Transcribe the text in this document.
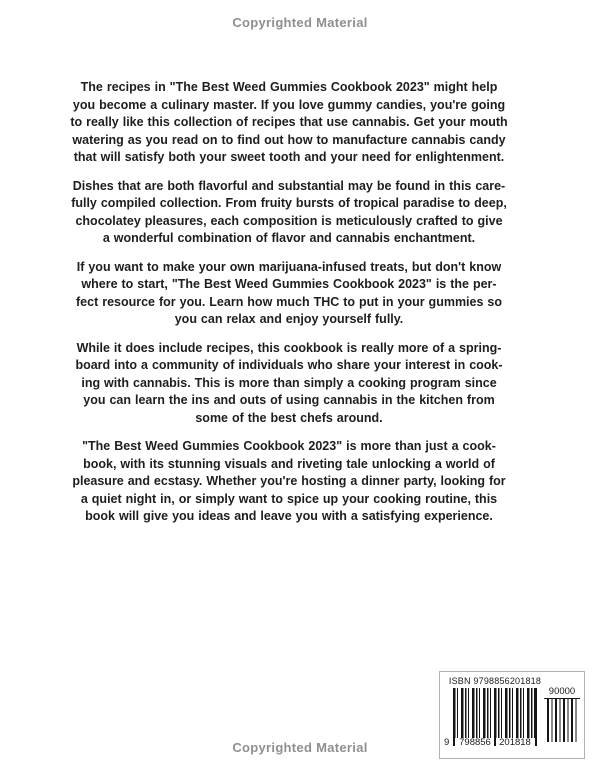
Copyrighted Material
The recipes in "The Best Weed Gummies Cookbook 2023" might help
you become a culinary master. If you love gummy candies, you're going
to really like this collection of recipes that use cannabis. Get your mouth
watering as you read on to find out how to manufacture cannabis candy
that will satisfy both your sweet tooth and your need for enlightenment.
Dishes that are both flavorful and substantial may be found in this care-
fully compiled collection. From fruity bursts of tropical paradise to deep,
chocolatey pleasures, each composition is meticulously crafted to give
a wonderful combination of flavor and cannabis enchantment.
If you want to make your own marijuana-infused treats, but don't know
where to start, "The Best Weed Gummies Cookbook 2023" is the per-
fect resource for you. Learn how much THC to put in your gummies so
you can relax and enjoy yourself fully.
While it does include recipes, this cookbook is really more of a spring-
board into a community of individuals who share your interest in cook-
ing with cannabis. This is more than simply a cooking program since
you can learn the ins and outs of using cannabis in the kitchen from
some of the best chefs around.
"The Best Weed Gummies Cookbook 2023" is more than just a cook-
book, with its stunning visuals and riveting tale unlocking a world of
pleasure and ecstasy. Whether you're hosting a dinner party, looking for
a quiet night in, or simply want to spice up your cooking routine, this
book will give you ideas and leave you with a satisfying experience.
ISBN 9798856201818
9 798856 201818
90000
Copyrighted Material
